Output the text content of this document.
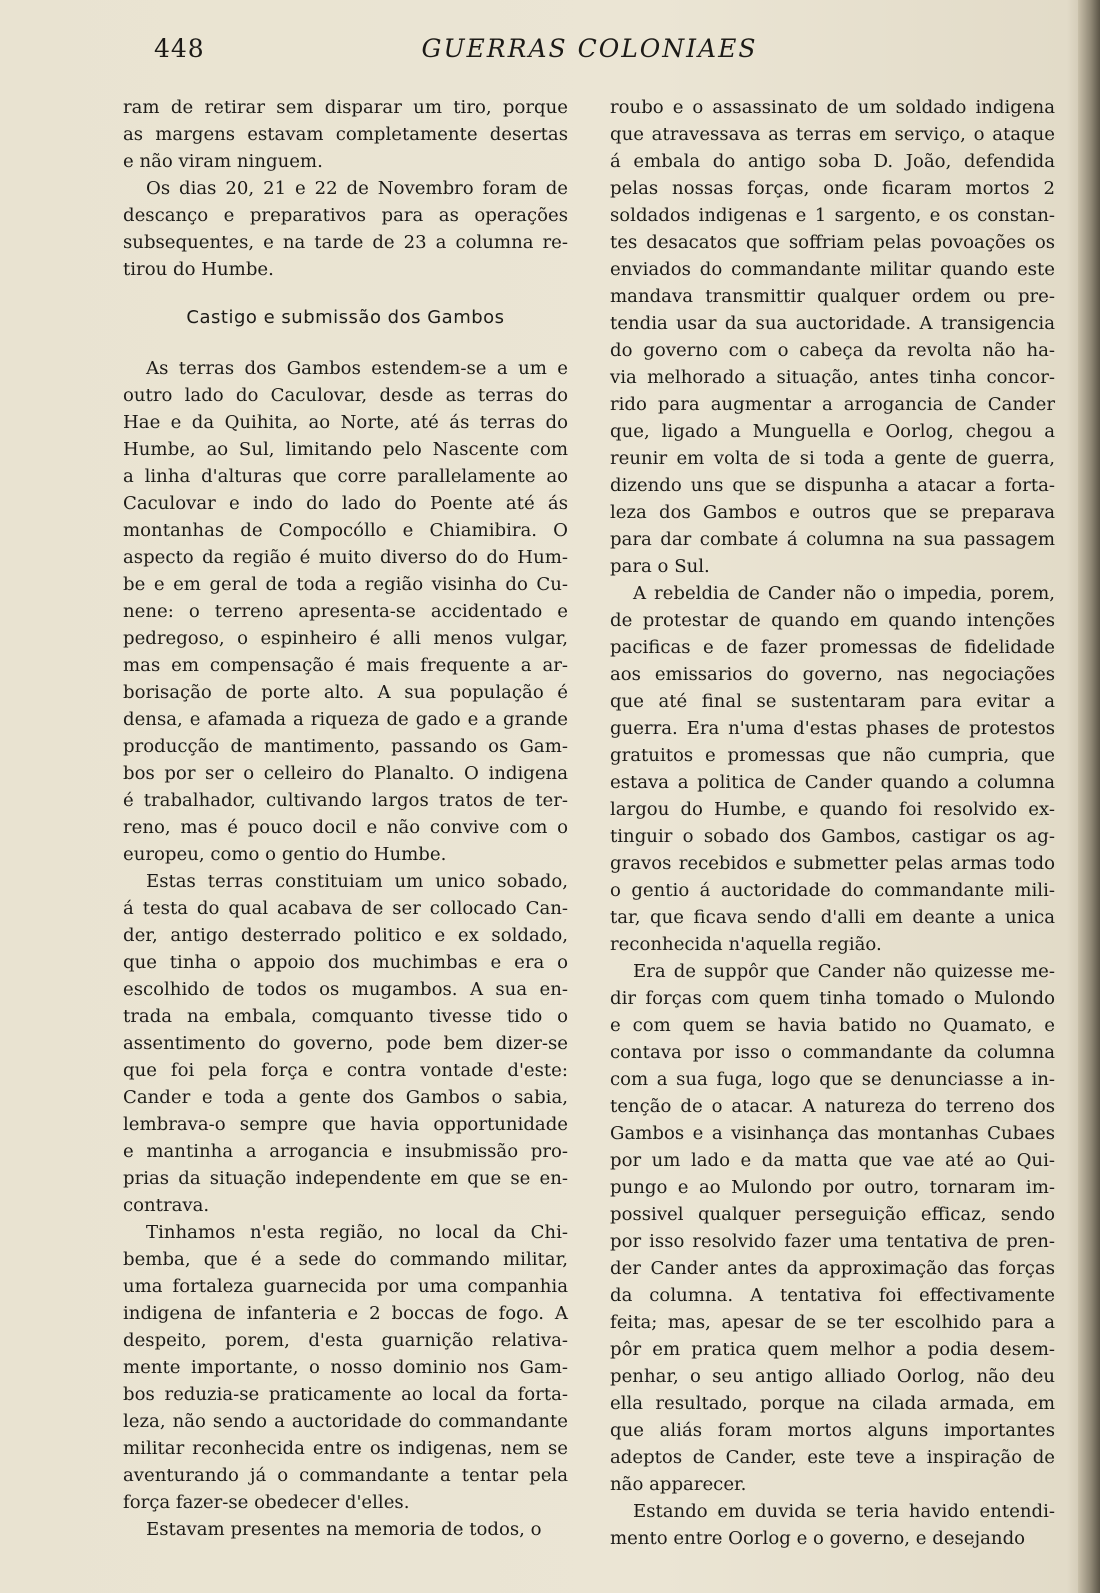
448	GUERRAS COLONIAES
ram de retirar sem disparar um tiro, porque
as margens estavam completamente desertas
e não viram ninguem.
Os dias 20, 21 e 22 de Novembro foram de
descanço e preparativos para as operações
subsequentes, e na tarde de 23 a columna re-
tirou do Humbe.
Castigo e submissão dos Gambos
As terras dos Gambos estendem-se a um e
outro lado do Caculovar, desde as terras do
Hae e da Quihita, ao Norte, até ás terras do
Humbe, ao Sul, limitando pelo Nascente com
a linha d'alturas que corre parallelamente ao
Caculovar e indo do lado do Poente até ás
montanhas de Compocóllo e Chiamibira. O
aspecto da região é muito diverso do do Hum-
be e em geral de toda a região visinha do Cu-
nene: o terreno apresenta-se accidentado e
pedregoso, o espinheiro é alli menos vulgar,
mas em compensação é mais frequente a ar-
borisação de porte alto. A sua população é
densa, e afamada a riqueza de gado e a grande
producção de mantimento, passando os Gam-
bos por ser o celleiro do Planalto. O indigena
é trabalhador, cultivando largos tratos de ter-
reno, mas é pouco docil e não convive com o
europeu, como o gentio do Humbe.
Estas terras constituiam um unico sobado,
á testa do qual acabava de ser collocado Can-
der, antigo desterrado politico e ex soldado,
que tinha o appoio dos muchimbas e era o
escolhido de todos os mugambos. A sua en-
trada na embala, comquanto tivesse tido o
assentimento do governo, pode bem dizer-se
que foi pela força e contra vontade d'este:
Cander e toda a gente dos Gambos o sabia,
lembrava-o sempre que havia opportunidade
e mantinha a arrogancia e insubmissão pro-
prias da situação independente em que se en-
contrava.
Tinhamos n'esta região, no local da Chi-
bemba, que é a sede do commando militar,
uma fortaleza guarnecida por uma companhia
indigena de infanteria e 2 boccas de fogo. A
despeito, porem, d'esta guarnição relativa-
mente importante, o nosso dominio nos Gam-
bos reduzia-se praticamente ao local da forta-
leza, não sendo a auctoridade do commandante
militar reconhecida entre os indigenas, nem se
aventurando já o commandante a tentar pela
força fazer-se obedecer d'elles.
Estavam presentes na memoria de todos, o
roubo e o assassinato de um soldado indigena
que atravessava as terras em serviço, o ataque
á embala do antigo soba D. João, defendida
pelas nossas forças, onde ficaram mortos 2
soldados indigenas e 1 sargento, e os constan-
tes desacatos que soffriam pelas povoações os
enviados do commandante militar quando este
mandava transmittir qualquer ordem ou pre-
tendia usar da sua auctoridade. A transigencia
do governo com o cabeça da revolta não ha-
via melhorado a situação, antes tinha concor-
rido para augmentar a arrogancia de Cander
que, ligado a Munguella e Oorlog, chegou a
reunir em volta de si toda a gente de guerra,
dizendo uns que se dispunha a atacar a forta-
leza dos Gambos e outros que se preparava
para dar combate á columna na sua passagem
para o Sul.
A rebeldia de Cander não o impedia, porem,
de protestar de quando em quando intenções
pacificas e de fazer promessas de fidelidade
aos emissarios do governo, nas negociações
que até final se sustentaram para evitar a
guerra. Era n'uma d'estas phases de protestos
gratuitos e promessas que não cumpria, que
estava a politica de Cander quando a columna
largou do Humbe, e quando foi resolvido ex-
tinguir o sobado dos Gambos, castigar os ag-
gravos recebidos e submetter pelas armas todo
o gentio á auctoridade do commandante mili-
tar, que ficava sendo d'alli em deante a unica
reconhecida n'aquella região.
Era de suppôr que Cander não quizesse me-
dir forças com quem tinha tomado o Mulondo
e com quem se havia batido no Quamato, e
contava por isso o commandante da columna
com a sua fuga, logo que se denunciasse a in-
tenção de o atacar. A natureza do terreno dos
Gambos e a visinhança das montanhas Cubaes
por um lado e da matta que vae até ao Qui-
pungo e ao Mulondo por outro, tornaram im-
possivel qualquer perseguição efficaz, sendo
por isso resolvido fazer uma tentativa de pren-
der Cander antes da approximação das forças
da columna. A tentativa foi effectivamente
feita; mas, apesar de se ter escolhido para a
pôr em pratica quem melhor a podia desem-
penhar, o seu antigo alliado Oorlog, não deu
ella resultado, porque na cilada armada, em
que aliás foram mortos alguns importantes
adeptos de Cander, este teve a inspiração de
não apparecer.
Estando em duvida se teria havido entendi-
mento entre Oorlog e o governo, e desejando
